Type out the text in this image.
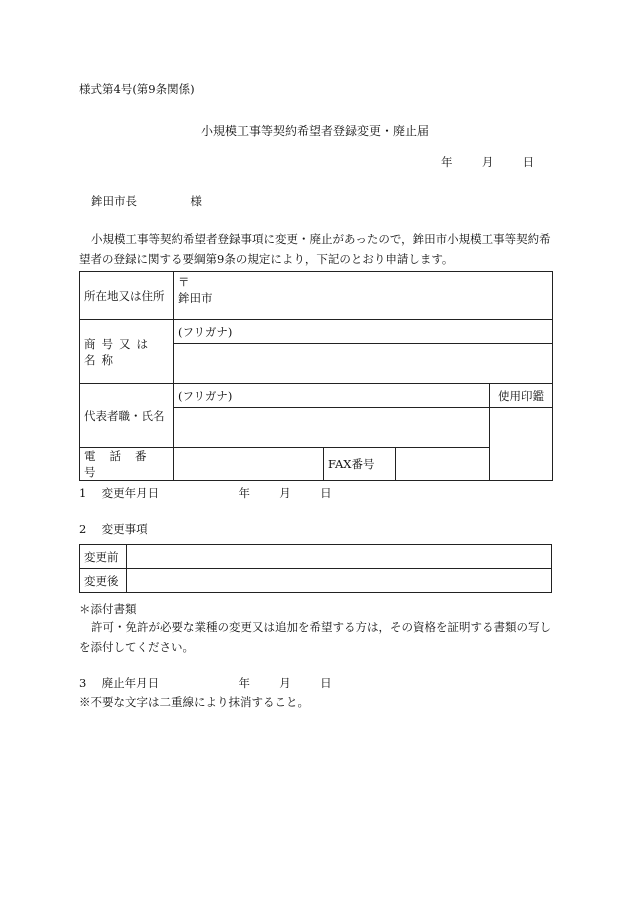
様式第4号(第9条関係)
小規模工事等契約希望者登録変更・廃止届
年	月	日
鉾田市長	様
小規模工事等契約希望者登録事項に変更・廃止があったので，鉾田市小規模工事等契約希望者の登録に関する要綱第9条の規定により，下記のとおり申請します。
所在地又は住所	〒
鉾田市			

商号又は名称	(フリガナ)			

代表者職・氏名	(フリガナ)			使用印鑑

電話番号		FAX番号		
1 変更年月日	年	月	日
2 変更事項
変更前	
変更後	
＊添付書類
許可・免許が必要な業種の変更又は追加を希望する方は，その資格を証明する書類の写しを添付してください。
3 廃止年月日	年	月	日
※不要な文字は二重線により抹消すること。
